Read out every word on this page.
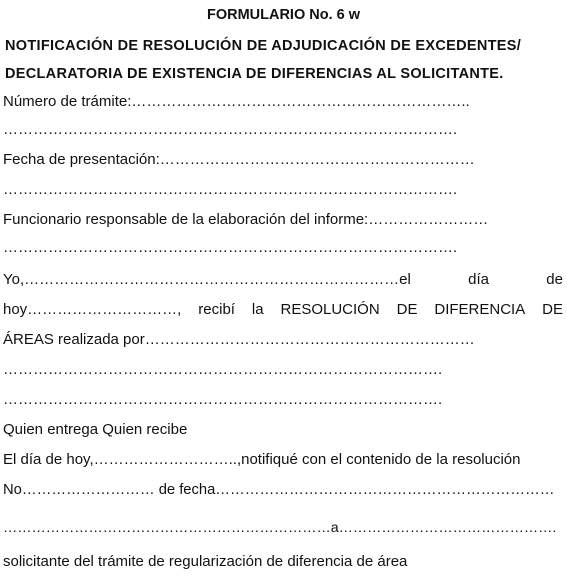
FORMULARIO No. 6 w
NOTIFICACIÓN DE RESOLUCIÓN DE ADJUDICACIÓN DE EXCEDENTES/
DECLARATORIA DE EXISTENCIA DE DIFERENCIAS AL SOLICITANTE.
Número de trámite:…………………………………………………………..
……………………………………………………………………………….
Fecha de presentación:………………………………………………………
……………………………………………………………………………….
Funcionario responsable de la elaboración del informe:……………………
……………………………………………………………………………….
Yo,…………………………………………………………………el	día	de
hoy…………………………, recibí la RESOLUCIÓN DE DIFERENCIA DE
ÁREAS realizada por…………………………………………………………
…………………………………………………………………………….
…………………………………………………………………………….
Quien entrega Quien recibe
El día de hoy,………………………..,notifiqué con el contenido de la resolución
No……………………… de fecha……………………………………………………………
……………………………………………………………a……………………………………….
solicitante del trámite de regularización de diferencia de área
